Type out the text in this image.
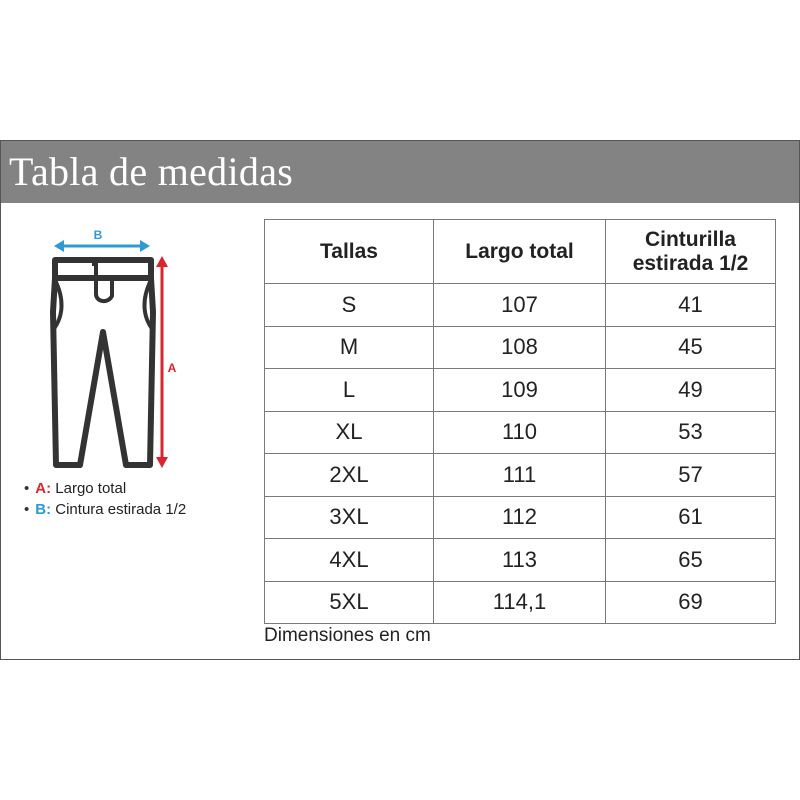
Tabla de medidas
B
A
• A: Largo total
• B: Cintura estirada 1/2
Tallas	Largo total	Cinturilla estirada 1/2
S	107	41
M	108	45
L	109	49
XL	110	53
2XL	111	57
3XL	112	61
4XL	113	65
5XL	114,1	69
Dimensiones en cm
